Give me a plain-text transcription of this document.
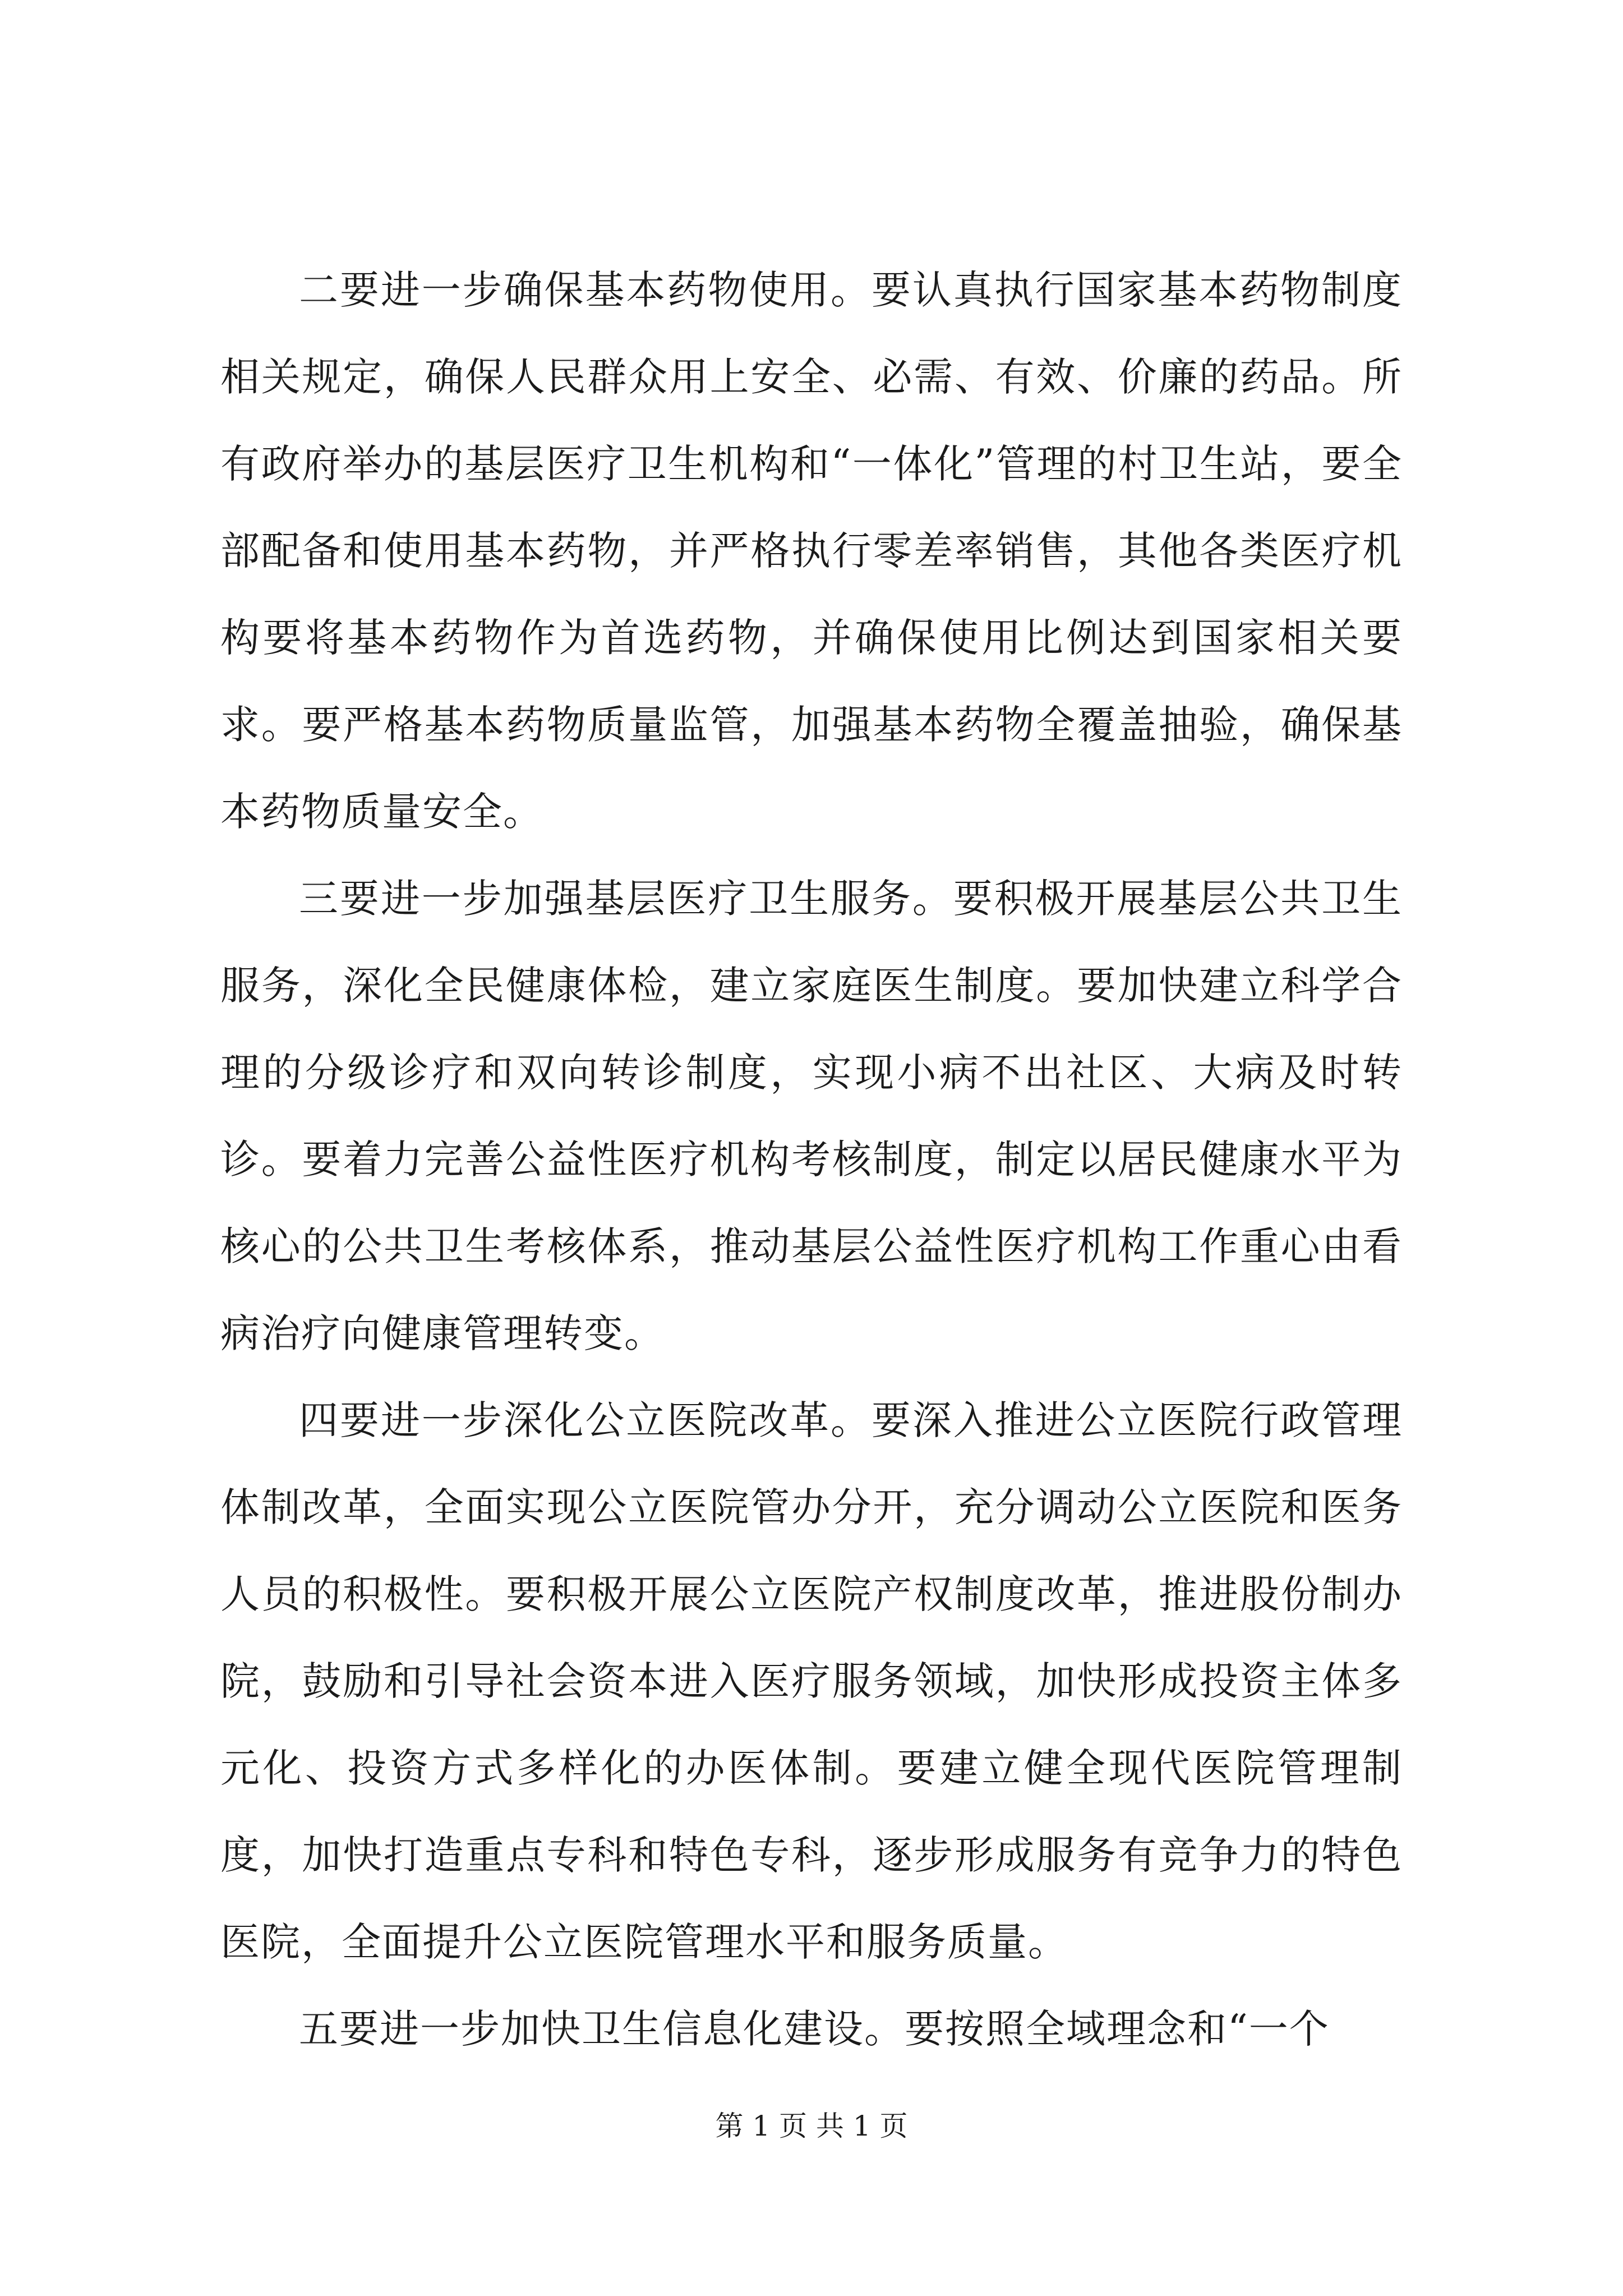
二要进一步确保基本药物使用。要认真执行国家基本药物制度相关规定，确保人民群众用上安全、必需、有效、价廉的药品。所有政府举办的基层医疗卫生机构和“一体化”管理的村卫生站，要全部配备和使用基本药物，并严格执行零差率销售，其他各类医疗机构要将基本药物作为首选药物，并确保使用比例达到国家相关要求。要严格基本药物质量监管，加强基本药物全覆盖抽验，确保基本药物质量安全。

三要进一步加强基层医疗卫生服务。要积极开展基层公共卫生服务，深化全民健康体检，建立家庭医生制度。要加快建立科学合理的分级诊疗和双向转诊制度，实现小病不出社区、大病及时转诊。要着力完善公益性医疗机构考核制度，制定以居民健康水平为核心的公共卫生考核体系，推动基层公益性医疗机构工作重心由看病治疗向健康管理转变。

四要进一步深化公立医院改革。要深入推进公立医院行政管理体制改革，全面实现公立医院管办分开，充分调动公立医院和医务人员的积极性。要积极开展公立医院产权制度改革，推进股份制办院，鼓励和引导社会资本进入医疗服务领域，加快形成投资主体多元化、投资方式多样化的办医体制。要建立健全现代医院管理制度，加快打造重点专科和特色专科，逐步形成服务有竞争力的特色医院，全面提升公立医院管理水平和服务质量。

五要进一步加快卫生信息化建设。要按照全域理念和“一个

第 1 页 共 1 页
